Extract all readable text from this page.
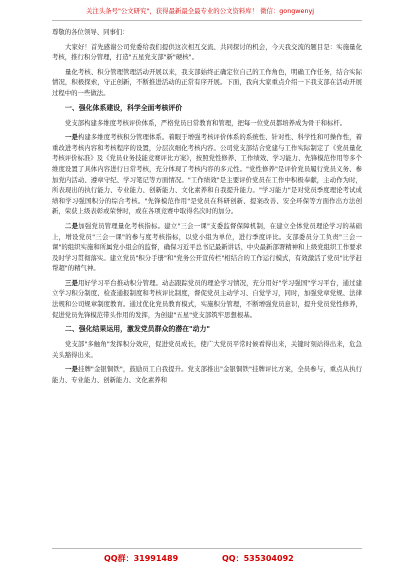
关注头条号"公文研究"，获得最新最全最专业的公文资料库！ 微信：gongwenyj

尊敬的各位领导、同事们：

大家好！首先感谢公司党委给我们提供这次相互交流、共同探讨的机会，今天我交流的题目是：实施量化考核，推行积分管理，打造"五星党支部"新"硬核"。

量化考核、积分管理管理活动开展以来，我支部始终正确定位自己的工作角色，明确工作任务，结合实际情况，积极探索，守正创新，不断推进活动的正常有序开展。下面，我向大家重点介绍一下我支部在活动开展过程中的一些做法。

一、强化体系建设，科学全面考核评价

党支部构建多维度考核评价体系，严格党员日常教育和管理，把每一位党员都培养成为骨干和标杆。

一是构建多维度考核积分管理体系。着眼于增强考核评价体系的系统性、针对性、科学性和可操作性，着重改进考核内容和考核程序的设置，分层次细化考核内容。公司党支部结合党建与工作实际制定了《党员量化考核评价标准》及《党员业务技能竞赛评比方案》，按照党性修养、工作绩效、学习能力、先锋模范作用等多个维度设置了具体内容进行日常考核，充分体现了考核内容的多元性。"党性修养"是评价党员履行党员义务、参加党内活动、遵章守纪、学习笔记等方面情况。"工作绩效"是主要评价党员在工作中积极奉献，主动作为时，所表现出的执行能力、专业能力、创新能力、文化素养和自我提升能力。"学习能力"是对党员季度理论考试成绩和学习强国积分的综合考核。"先锋模范作用"是党员在科研创新、提案改善、安全环保等方面作出方法创新，荣获上级表彰或荣誉时，或在各项竞赛中取得名次时的加分。

二是加强党员管理量化考核指标。建立"三会一课"支委监督保障机制，在建立全体党员理论学习的基础上，增设党员"三会一课"的参与度考核指标，以党小组为单位，进行季度评比。支部委员分工负责"三会一课"的组织实施和所属党小组会的监督，确保习近平总书记最新讲话、中央最新部署精神和上级党组织工作要求及时学习贯彻落实。建立党员"积分手册"和"党务公开宣传栏"相结合的工作运行模式，有效激活了党员"比学赶帮超"的精气神。

三是用好学习平台推动积分管理。动态跟踪党员的理论学习情况，充分用好"学习强国"学习平台，通过建立学习积分制度、检查通报制度和考核评比制度，督促党员主动学习、自觉学习，同时，加强党章党规、法律法规和公司规章制度教育。通过优化党员教育模式，实施积分管理，不断增强党员意识，提升党员党性修养，促进党员先锋模范带头作用的发挥，为创建"五星"党支部筑牢思想根基。

二、强化结果运用，激发党员群众的潜在"动力"

党支部"多触角"发挥积分效应，促进党员成长，使广大党员平常时候看得出来，关键时刻站得出来，危急关头豁得出来。

一是挂牌"金银铜铁"，鼓励员工自我提升。党支部推出"金银铜铁"挂牌评比方案，全员参与，重点从执行能力、专业能力、创新能力、文化素养和

QQ群：31991489	QQ：535304092
